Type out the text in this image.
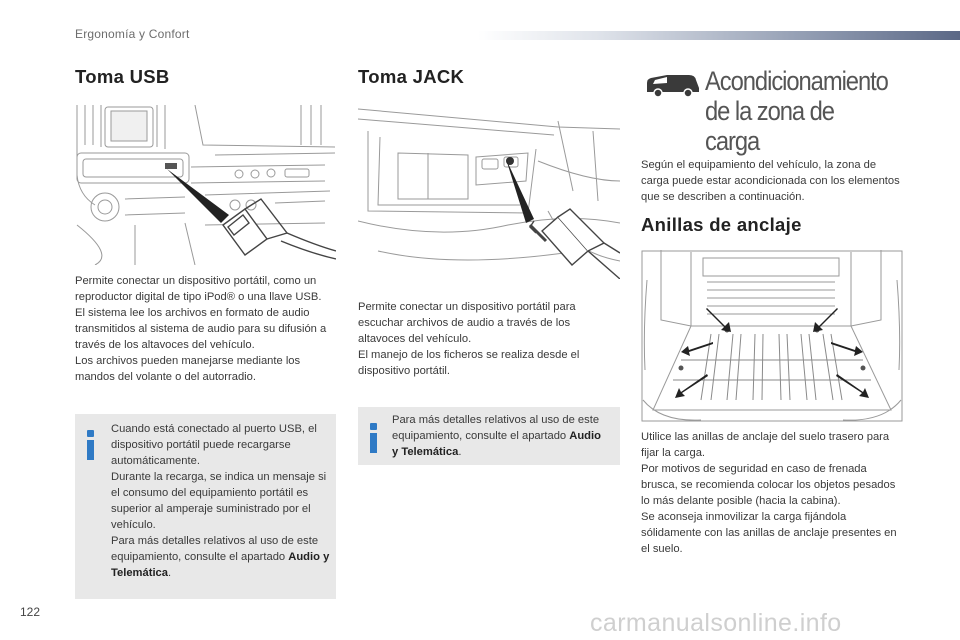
Ergonomía y Confort
Toma USB

Permite conectar un dispositivo portátil, como un reproductor digital de tipo iPod® o una llave USB.

El sistema lee los archivos en formato de audio transmitidos al sistema de audio para su difusión a través de los altavoces del vehículo.

Los archivos pueden manejarse mediante los mandos del volante o del autorradio.

Cuando está conectado al puerto USB, el dispositivo portátil puede recargarse automáticamente.
Durante la recarga, se indica un mensaje si el consumo del equipamiento portátil es superior al amperaje suministrado por el vehículo.
Para más detalles relativos al uso de este equipamiento, consulte el apartado Audio y Telemática.
Toma JACK

Permite conectar un dispositivo portátil para escuchar archivos de audio a través de los altavoces del vehículo.

El manejo de los ficheros se realiza desde el dispositivo portátil.

Para más detalles relativos al uso de este equipamiento, consulte el apartado Audio y Telemática.
Acondicionamiento de la zona de carga
Según el equipamiento del vehículo, la zona de carga puede estar acondicionada con los elementos que se describen a continuación.
Anillas de anclaje

Utilice las anillas de anclaje del suelo trasero para fijar la carga.

Por motivos de seguridad en caso de frenada brusca, se recomienda colocar los objetos pesados lo más delante posible (hacia la cabina).

Se aconseja inmovilizar la carga fijándola sólidamente con las anillas de anclaje presentes en el suelo.

122	carmanualsonline.info
